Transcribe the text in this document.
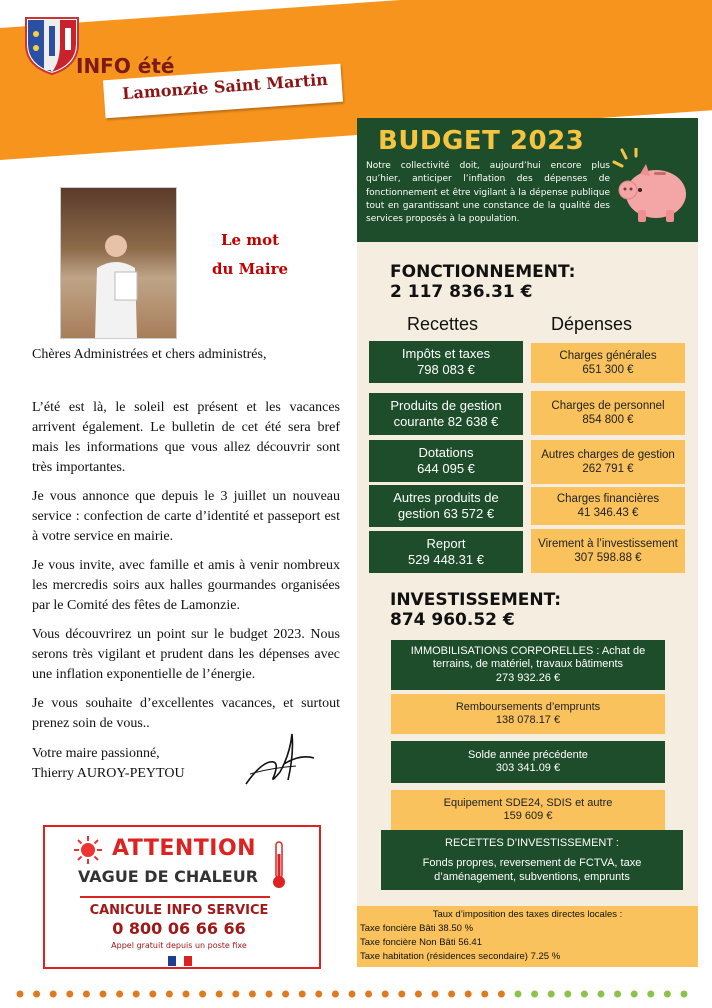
INFO été
Lamonzie Saint Martin
Le mot
du Maire
Chères Administrées et chers administrés,
L’été est là, le soleil est présent et les vacances arrivent également. Le bulletin de cet été sera bref mais les informations que vous allez découvrir sont très importantes.
Je vous annonce que depuis le 3 juillet un nouveau service : confection de carte d’identité et passeport est à votre service en mairie.
Je vous invite, avec famille et amis à venir nombreux les mercredis soirs aux halles gourmandes organisées par le Comité des fêtes de Lamonzie.
Vous découvrirez un point sur le budget 2023. Nous serons très vigilant et prudent dans les dépenses avec une inflation exponentielle de l’énergie.
Je vous souhaite d’excellentes vacances, et surtout prenez soin de vous..
Votre maire passionné,
Thierry AUROY-PEYTOU
ATTENTION
VAGUE DE CHALEUR
CANICULE INFO SERVICE
0 800 06 66 66
Appel gratuit depuis un poste fixe
BUDGET 2023
Notre collectivité doit, aujourd’hui encore plus qu’hier, anticiper l’inflation des dépenses de fonctionnement et être vigilant à la dépense publique tout en garantissant une constance de la qualité des services proposés à la population.
FONCTIONNEMENT:
2 117 836.31 €
Recettes	Dépenses
Impôts et taxes
798 083 €
Produits de gestion
courante 82 638 €
Dotations
644 095 €
Autres produits de
gestion 63 572 €
Report
529 448.31 €
Charges générales
651 300 €
Charges de personnel
854 800 €
Autres charges de gestion
262 791 €
Charges financières
41 346.43 €
Virement à l’investissement
307 598.88 €
INVESTISSEMENT:
874 960.52 €
IMMOBILISATIONS CORPORELLES : Achat de terrains, de matériel, travaux bâtiments
273 932.26 €
Remboursements d’emprunts
138 078.17 €
Solde année précédente
303 341.09 €
Equipement SDE24, SDIS et autre
159 609 €
RECETTES D’INVESTISSEMENT :
Fonds propres, reversement de FCTVA, taxe d’aménagement, subventions, emprunts
Taux d’imposition des taxes directes locales :
Taxe foncière Bâti 38.50 %
Taxe foncière Non Bâti 56.41
Taxe habitation (résidences secondaire) 7.25 %
